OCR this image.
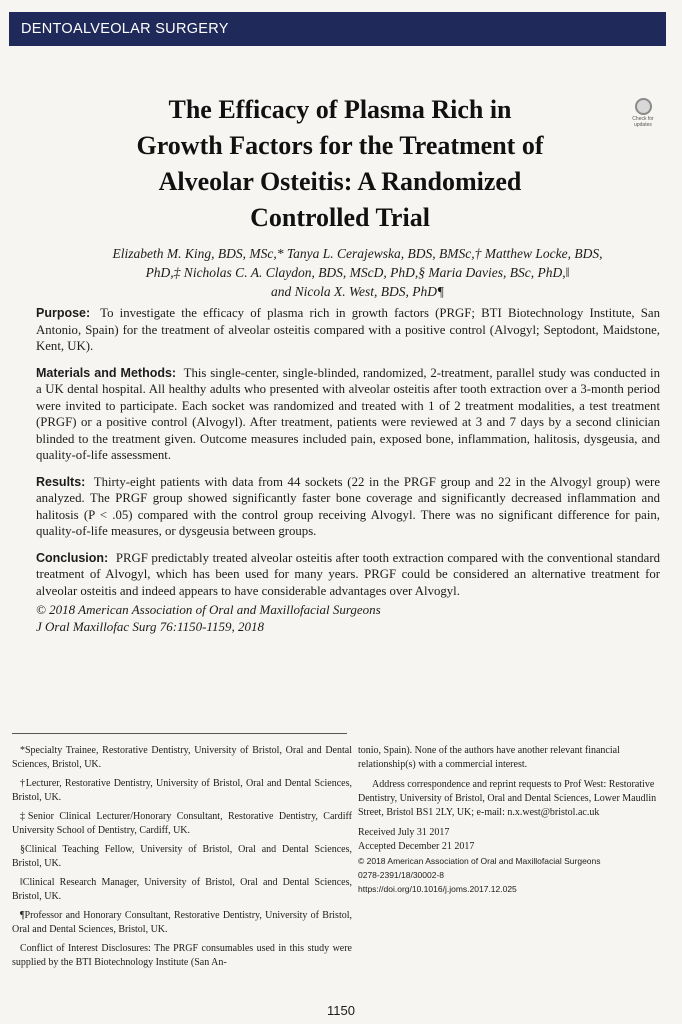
DENTOALVEOLAR SURGERY
The Efficacy of Plasma Rich in
Growth Factors for the Treatment of
Alveolar Osteitis: A Randomized
Controlled Trial
Check for
updates
Elizabeth M. King, BDS, MSc,* Tanya L. Cerajewska, BDS, BMSc,† Matthew Locke, BDS,
PhD,‡ Nicholas C. A. Claydon, BDS, MScD, PhD,§ Maria Davies, BSc, PhD,‖
and Nicola X. West, BDS, PhD¶

Purpose: To investigate the efficacy of plasma rich in growth factors (PRGF; BTI Biotechnology Institute, San Antonio, Spain) for the treatment of alveolar osteitis compared with a positive control (Alvogyl; Septodont, Maidstone, Kent, UK).

Materials and Methods: This single-center, single-blinded, randomized, 2-treatment, parallel study was conducted in a UK dental hospital. All healthy adults who presented with alveolar osteitis after tooth extraction over a 3-month period were invited to participate. Each socket was randomized and treated with 1 of 2 treatment modalities, a test treatment (PRGF) or a positive control (Alvogyl). After treatment, patients were reviewed at 3 and 7 days by a second clinician blinded to the treatment given. Outcome measures included pain, exposed bone, inflammation, halitosis, dysgeusia, and quality-of-life assessment.

Results: Thirty-eight patients with data from 44 sockets (22 in the PRGF group and 22 in the Alvogyl group) were analyzed. The PRGF group showed significantly faster bone coverage and significantly decreased inflammation and halitosis (P < .05) compared with the control group receiving Alvogyl. There was no significant difference for pain, quality-of-life measures, or dysgeusia between groups.

Conclusion: PRGF predictably treated alveolar osteitis after tooth extraction compared with the conventional standard treatment of Alvogyl, which has been used for many years. PRGF could be considered an alternative treatment for alveolar osteitis and indeed appears to have considerable advantages over Alvogyl.

© 2018 American Association of Oral and Maxillofacial Surgeons
J Oral Maxillofac Surg 76:1150-1159, 2018

*Specialty Trainee, Restorative Dentistry, University of Bristol, Oral and Dental Sciences, Bristol, UK.

†Lecturer, Restorative Dentistry, University of Bristol, Oral and Dental Sciences, Bristol, UK.

‡Senior Clinical Lecturer/Honorary Consultant, Restorative Dentistry, Cardiff University School of Dentistry, Cardiff, UK.

§Clinical Teaching Fellow, University of Bristol, Oral and Dental Sciences, Bristol, UK.

‖Clinical Research Manager, University of Bristol, Oral and Dental Sciences, Bristol, UK.

¶Professor and Honorary Consultant, Restorative Dentistry, University of Bristol, Oral and Dental Sciences, Bristol, UK.

Conflict of Interest Disclosures: The PRGF consumables used in this study were supplied by the BTI Biotechnology Institute (San An-

tonio, Spain). None of the authors have another relevant financial relationship(s) with a commercial interest.

Address correspondence and reprint requests to Prof West: Restorative Dentistry, University of Bristol, Oral and Dental Sciences, Lower Maudlin Street, Bristol BS1 2LY, UK; e-mail: n.x.west@bristol.ac.uk

Received July 31 2017

Accepted December 21 2017

© 2018 American Association of Oral and Maxillofacial Surgeons

0278-2391/18/30002-8

https://doi.org/10.1016/j.joms.2017.12.025

1150
